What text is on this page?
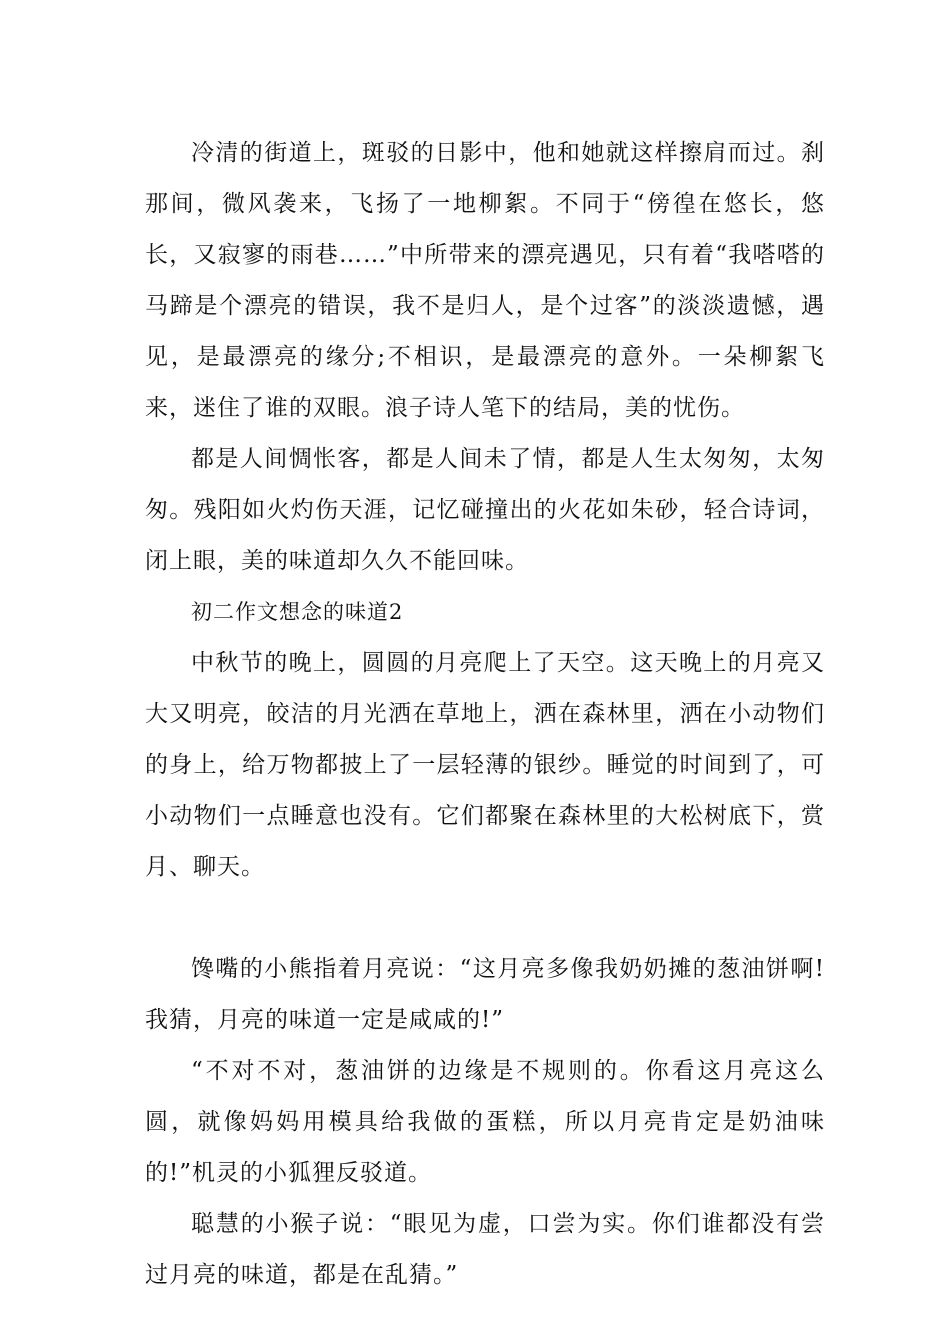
冷清的街道上，斑驳的日影中，他和她就这样擦肩而过。刹那间，微风袭来，飞扬了一地柳絮。不同于“傍徨在悠长，悠长，又寂寥的雨巷……”中所带来的漂亮遇见，只有着“我嗒嗒的马蹄是个漂亮的错误，我不是归人，是个过客”的淡淡遗憾，遇见，是最漂亮的缘分;不相识，是最漂亮的意外。一朵柳絮飞来，迷住了谁的双眼。浪子诗人笔下的结局，美的忧伤。

都是人间惆怅客，都是人间未了情，都是人生太匆匆，太匆匆。残阳如火灼伤天涯，记忆碰撞出的火花如朱砂，轻合诗词，闭上眼，美的味道却久久不能回味。

初二作文想念的味道2

中秋节的晚上，圆圆的月亮爬上了天空。这天晚上的月亮又大又明亮，皎洁的月光洒在草地上，洒在森林里，洒在小动物们的身上，给万物都披上了一层轻薄的银纱。睡觉的时间到了，可小动物们一点睡意也没有。它们都聚在森林里的大松树底下，赏月、聊天。

馋嘴的小熊指着月亮说：“这月亮多像我奶奶摊的葱油饼啊!我猜，月亮的味道一定是咸咸的!”

“不对不对，葱油饼的边缘是不规则的。你看这月亮这么圆，就像妈妈用模具给我做的蛋糕，所以月亮肯定是奶油味的!”机灵的小狐狸反驳道。

聪慧的小猴子说：“眼见为虚，口尝为实。你们谁都没有尝过月亮的味道，都是在乱猜。”
